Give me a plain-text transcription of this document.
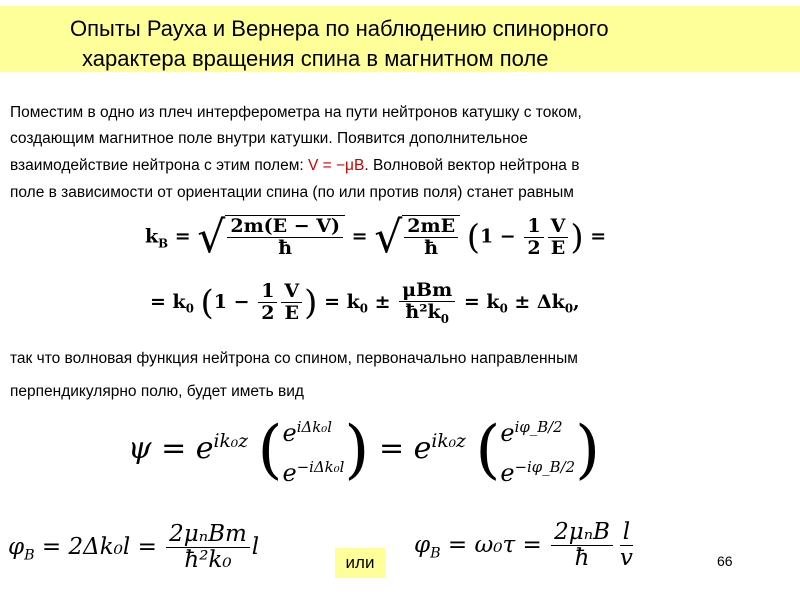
Опыты Рауха и Вернера по наблюдению спинорного
характера вращения спина в магнитном поле
Поместим в одно из плеч интерферометра на пути нейтронов катушку с током,
создающим магнитное поле внутри катушки. Появится дополнительное
взаимодействие нейтрона с этим полем: V = −μB. Волновой вектор нейтрона в
поле в зависимости от ориентации спина (по или против поля) станет равным
$k_B$ = √ $\frac{2m(E - V)}{ħ}$ = √ $\frac{2mE}{ħ} (1 - \frac{1}{2} \frac{V}{E}$ ) =
= $k_0$ ($1 - \frac{1}{2} \frac{V}{E}$ ) = $k_0 \pm \frac{\text{μBm}}{ħ^2k_0} = k_0 \pm \Delta k_0$,
так что волновая функция нейтрона со спином, первоначально направленным
перпендикулярно полю, будет иметь вид
$\psi = e^{ik_0z}$ ( $e^{i\Delta k_0l}$
$e^{-i\Delta k_0l}$ ) = $e^{ik_0z}$ ( $e^{i\varphi\_B/2}$
$e^{-i\varphi\_B/2}$ )
$\varphi_B = 2\Delta k_0l = \frac{\text{2μₙBm}}{\text{ħ²k₀}}$ l
или
$\varphi_B = \omega_0\tau = \frac{\text{2μₙB}}{ħ} \frac{l}{v}$	66
